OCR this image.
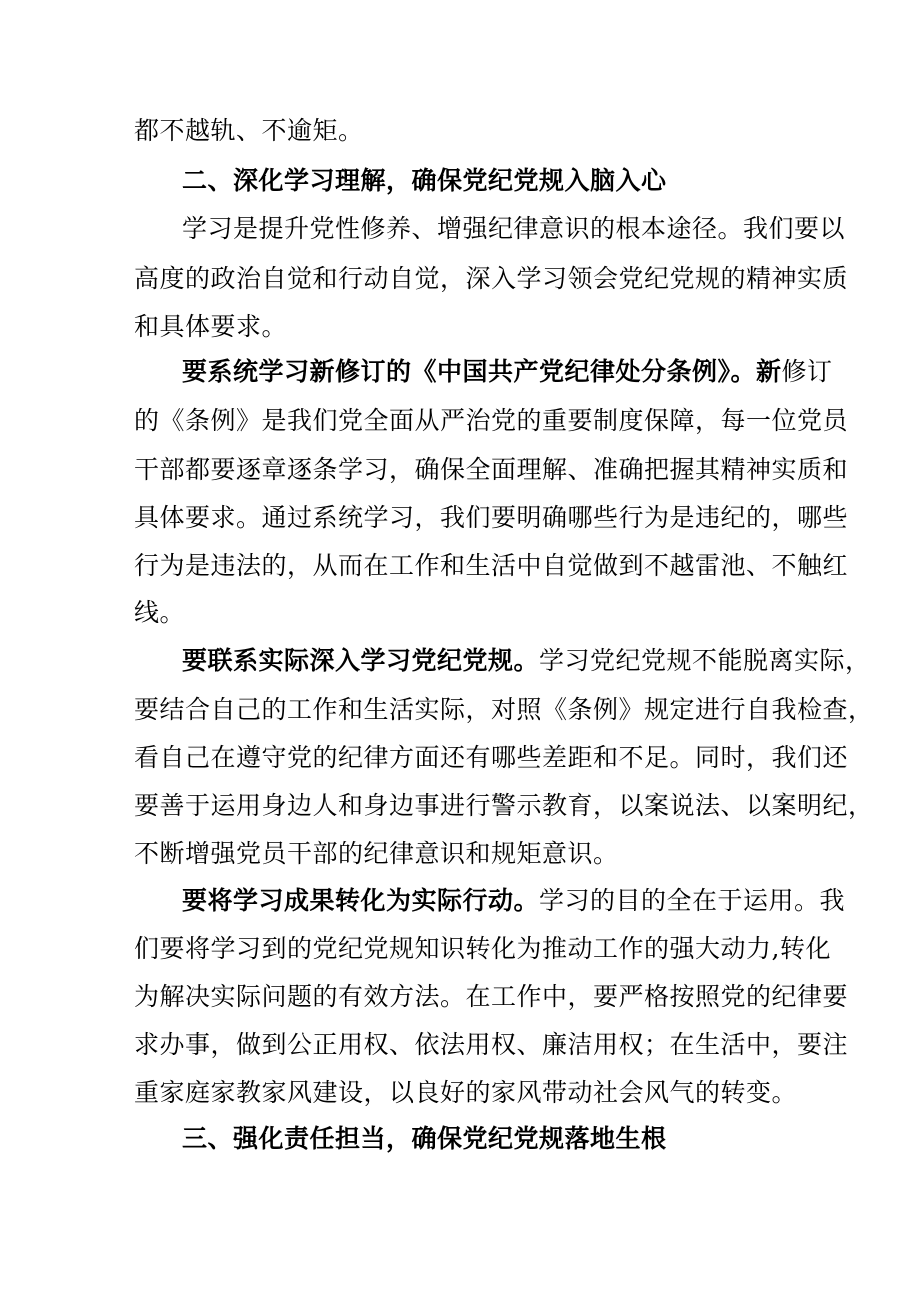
都不越轨、不逾矩。
二、深化学习理解，确保党纪党规入脑入心
学习是提升党性修养、增强纪律意识的根本途径。我们要以
高度的政治自觉和行动自觉，深入学习领会党纪党规的精神实质
和具体要求。
要系统学习新修订的《中国共产党纪律处分条例》。新修订
的《条例》是我们党全面从严治党的重要制度保障，每一位党员
干部都要逐章逐条学习，确保全面理解、准确把握其精神实质和
具体要求。通过系统学习，我们要明确哪些行为是违纪的，哪些
行为是违法的，从而在工作和生活中自觉做到不越雷池、不触红
线。
要联系实际深入学习党纪党规。学习党纪党规不能脱离实际，
要结合自己的工作和生活实际，对照《条例》规定进行自我检查，
看自己在遵守党的纪律方面还有哪些差距和不足。同时，我们还
要善于运用身边人和身边事进行警示教育，以案说法、以案明纪，
不断增强党员干部的纪律意识和规矩意识。
要将学习成果转化为实际行动。学习的目的全在于运用。我
们要将学习到的党纪党规知识转化为推动工作的强大动力,转化
为解决实际问题的有效方法。在工作中，要严格按照党的纪律要
求办事，做到公正用权、依法用权、廉洁用权；在生活中，要注
重家庭家教家风建设，以良好的家风带动社会风气的转变。
三、强化责任担当，确保党纪党规落地生根
